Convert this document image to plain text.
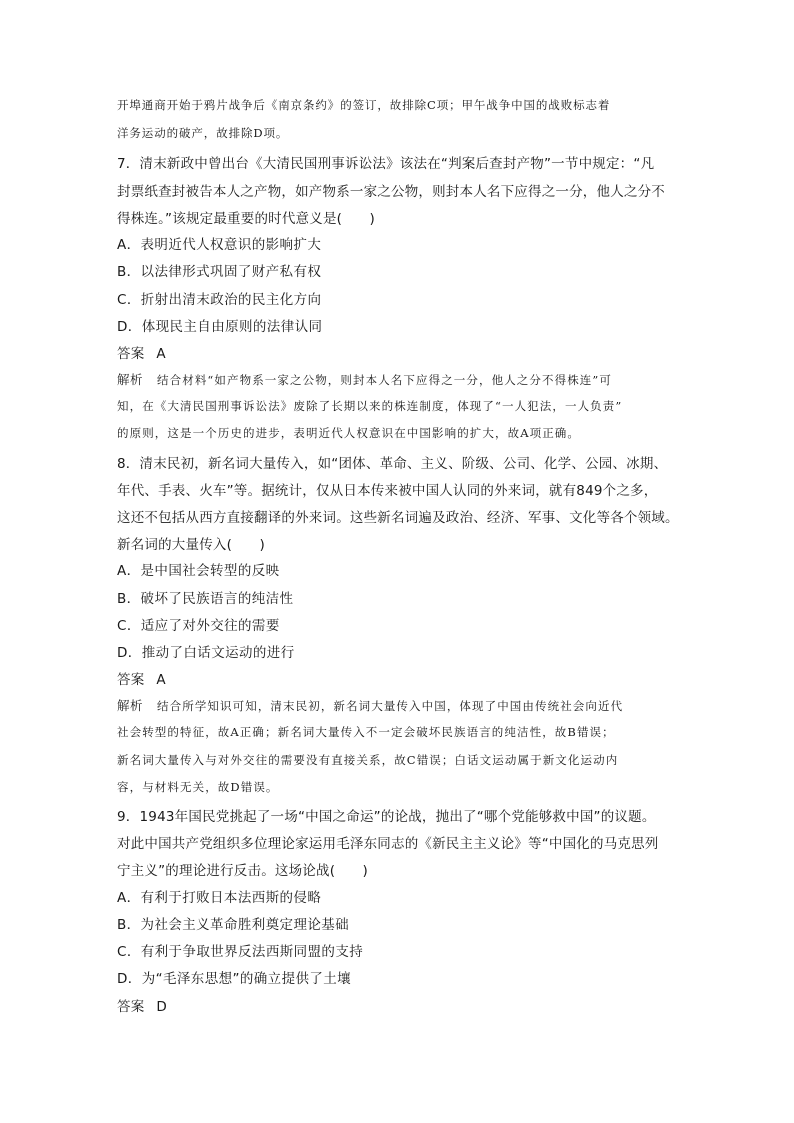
开埠通商开始于鸦片战争后《南京条约》的签订，故排除C项；甲午战争中国的战败标志着
洋务运动的破产，故排除D项。
7．清末新政中曾出台《大清民国刑事诉讼法》该法在“判案后查封产物”一节中规定：“凡
封票纸查封被告本人之产物，如产物系一家之公物，则封本人名下应得之一分，他人之分不
得株连。”该规定最重要的时代意义是(　　)
A．表明近代人权意识的影响扩大
B．以法律形式巩固了财产私有权
C．折射出清末政治的民主化方向
D．体现民主自由原则的法律认同
答案 A
解析 结合材料“如产物系一家之公物，则封本人名下应得之一分，他人之分不得株连”可
知，在《大清民国刑事诉讼法》废除了长期以来的株连制度，体现了“一人犯法，一人负责”
的原则，这是一个历史的进步，表明近代人权意识在中国影响的扩大，故A项正确。
8．清末民初，新名词大量传入，如“团体、革命、主义、阶级、公司、化学、公园、冰期、
年代、手表、火车”等。据统计，仅从日本传来被中国人认同的外来词，就有849个之多，
这还不包括从西方直接翻译的外来词。这些新名词遍及政治、经济、军事、文化等各个领域。
新名词的大量传入(　　)
A．是中国社会转型的反映
B．破坏了民族语言的纯洁性
C．适应了对外交往的需要
D．推动了白话文运动的进行
答案 A
解析 结合所学知识可知，清末民初，新名词大量传入中国，体现了中国由传统社会向近代
社会转型的特征，故A正确；新名词大量传入不一定会破坏民族语言的纯洁性，故B错误；
新名词大量传入与对外交往的需要没有直接关系，故C错误；白话文运动属于新文化运动内
容，与材料无关，故D错误。
9．1943年国民党挑起了一场“中国之命运”的论战，抛出了“哪个党能够救中国”的议题。
对此中国共产党组织多位理论家运用毛泽东同志的《新民主主义论》等“中国化的马克思列
宁主义”的理论进行反击。这场论战(　　)
A．有利于打败日本法西斯的侵略
B．为社会主义革命胜利奠定理论基础
C．有利于争取世界反法西斯同盟的支持
D．为“毛泽东思想”的确立提供了土壤
答案 D
